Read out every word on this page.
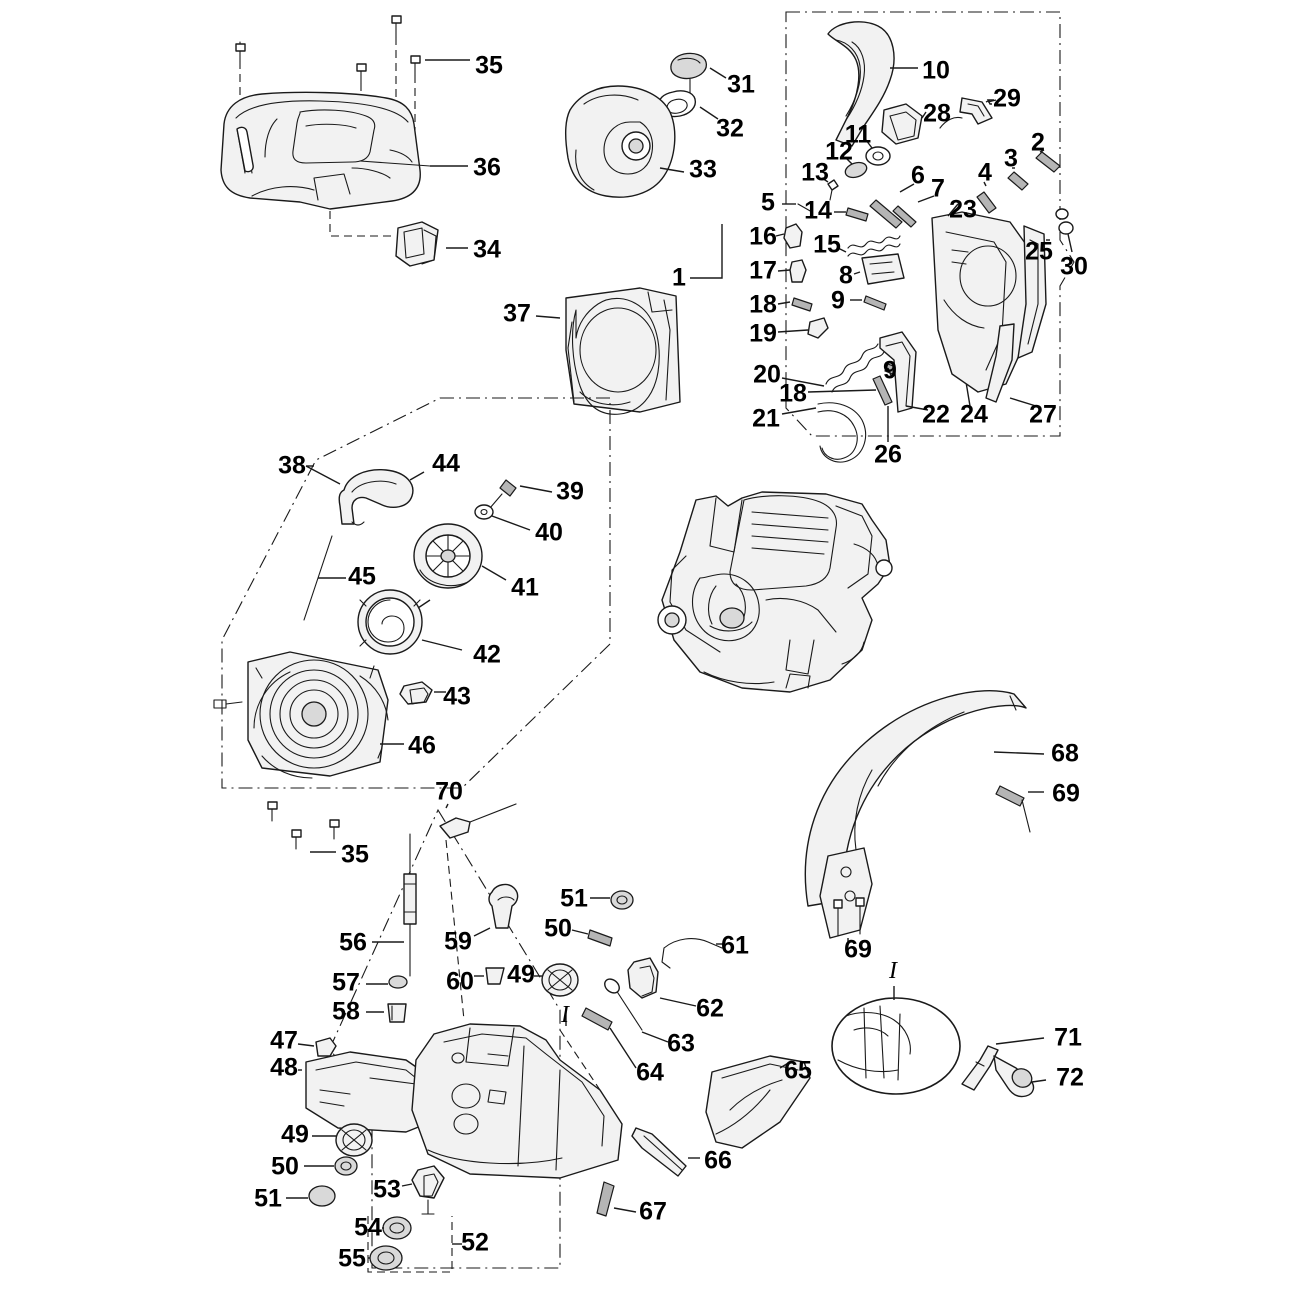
35
36
34
31
32
33
10
29
28
11
12	2
3
13	6 4
7
5 14	23
16 15	25
30
17 8
1
18 9
19
37
20	9
18
22 24 27
21
26
38	44
39
40
41
45
42
43
46	68
69
70
35
69
51
50
59
56
57	60 49
61
58	62
63
64
47
48	65
71
72
49
50
51	53
66
67
54
52
55
I
I
